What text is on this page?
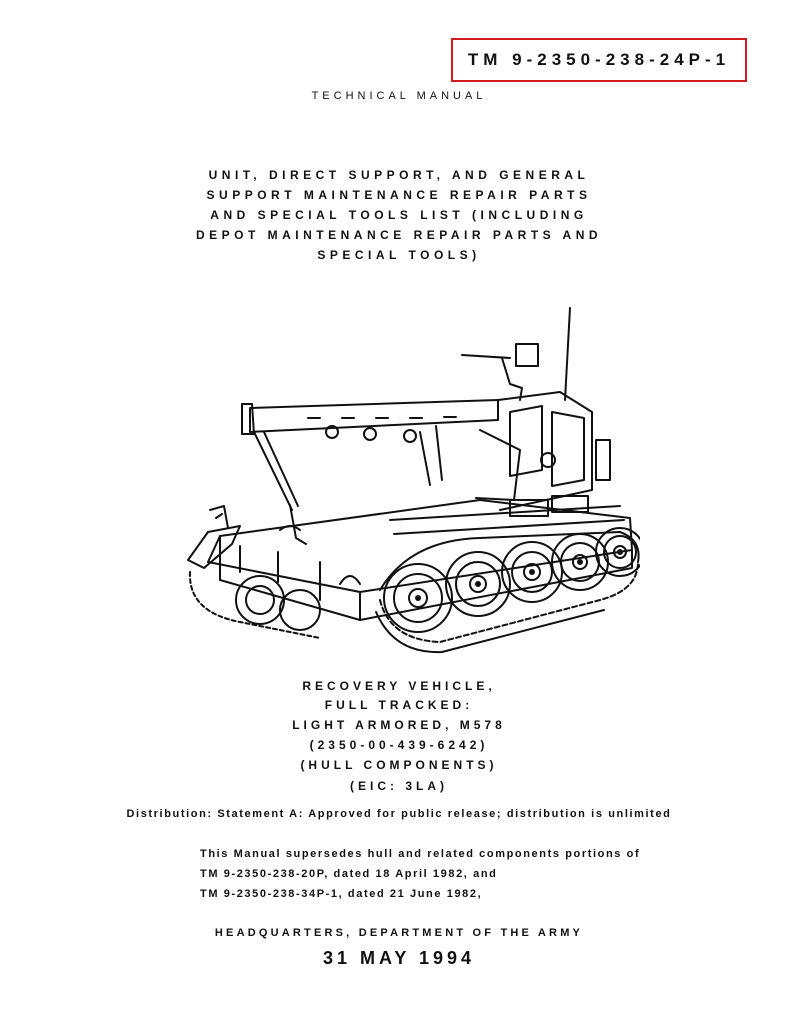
TM 9-2350-238-24P-1
TECHNICAL MANUAL
UNIT, DIRECT SUPPORT, AND GENERAL
SUPPORT MAINTENANCE REPAIR PARTS
AND SPECIAL TOOLS LIST (INCLUDING
DEPOT MAINTENANCE REPAIR PARTS AND
SPECIAL TOOLS)
RECOVERY VEHICLE,
FULL TRACKED:
LIGHT ARMORED, M578
(2350-00-439-6242)
(HULL COMPONENTS)
(EIC: 3LA)
Distribution: Statement A: Approved for public release; distribution is unlimited
This Manual supersedes hull and related components portions of
TM 9-2350-238-20P, dated 18 April 1982, and
TM 9-2350-238-34P-1, dated 21 June 1982,
HEADQUARTERS, DEPARTMENT OF THE ARMY
31 MAY 1994
